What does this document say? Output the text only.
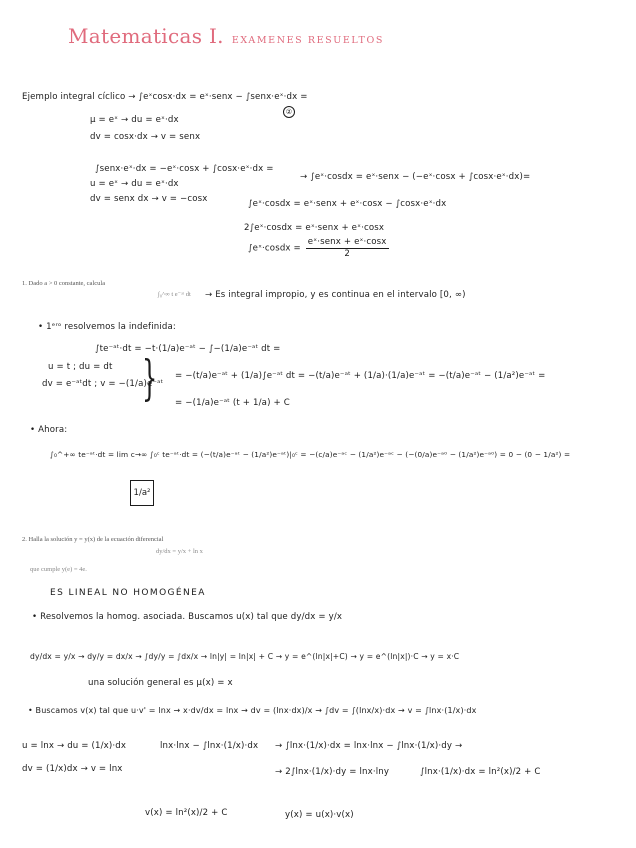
Matematicas I. EXAMENES RESUELTOS
Ejemplo integral cíclico → ∫eˣcosx·dx = eˣ·senx − ∫senx·eˣ·dx =
μ = eˣ → du = eˣ·dx
dv = cosx·dx → v = senx
②
∫senx·eˣ·dx = −eˣ·cosx + ∫cosx·eˣ·dx =
u = eˣ → du = eˣ·dx
dv = senx dx → v = −cosx
→ ∫eˣ·cosdx = eˣ·senx − (−eˣ·cosx + ∫cosx·eˣ·dx)=
∫eˣ·cosdx = eˣ·senx + eˣ·cosx − ∫cosx·eˣ·dx
2∫eˣ·cosdx = eˣ·senx + eˣ·cosx
∫eˣ·cosdx = $\frac{\text{eˣ·senx + eˣ·cosx}}{2}$
1. Dado a > 0 constante, calcula
∫₀^∞ t e⁻ᵃᵗ dt → Es integral impropio, y es continua en el intervalo [0, ∞)
• 1ᵉʳᵒ resolvemos la indefinida:
∫te⁻ᵃᵗ·dt = −t·(1/a)e⁻ᵃᵗ − ∫−(1/a)e⁻ᵃᵗ dt =
u = t ; du = dt
dv = e⁻ᵃᵗdt ; v = −(1/a)e⁻ᵃᵗ
} = −(t/a)e⁻ᵃᵗ + (1/a)∫e⁻ᵃᵗ dt = −(t/a)e⁻ᵃᵗ + (1/a)·(1/a)e⁻ᵃᵗ = −(t/a)e⁻ᵃᵗ − (1/a²)e⁻ᵃᵗ =
= −(1/a)e⁻ᵃᵗ (t + 1/a) + C
• Ahora:
∫₀^+∞ te⁻ᵃᵗ·dt = lim c→∞ ∫₀ᶜ te⁻ᵃᵗ·dt = (−(t/a)e⁻ᵃᵗ − (1/a²)e⁻ᵃᵗ)|₀ᶜ = −(c/a)e⁻ᵃᶜ − (1/a²)e⁻ᵃᶜ − (−(0/a)e⁻ᵃ⁰ − (1/a²)e⁻ᵃ⁰) = 0 − (0 − 1/a²) =
1/a²
2. Halla la solución y = y(x) de la ecuación diferencial
dy/dx = y/x + ln x
que cumple y(e) = 4e.
ES LINEAL NO HOMOGÉNEA
• Resolvemos la homog. asociada. Buscamos u(x) tal que dy/dx = y/x
dy/dx = y/x → dy/y = dx/x → ∫dy/y = ∫dx/x → ln|y| = ln|x| + C → y = e^(ln|x|+C) → y = e^(ln|x|)·C → y = x·C
una solución general es μ(x) = x
• Buscamos v(x) tal que u·v' = lnx → x·dv/dx = lnx → dv = (lnx·dx)/x → ∫dv = ∫(lnx/x)·dx → v = ∫lnx·(1/x)·dx
u = lnx → du = (1/x)·dx
dv = (1/x)dx → v = lnx
lnx·lnx − ∫lnx·(1/x)·dx → ∫lnx·(1/x)·dx = lnx·lnx − ∫lnx·(1/x)·dy →
→ 2∫lnx·(1/x)·dy = lnx·lny	∫lnx·(1/x)·dx = ln²(x)/2 + C
v(x) = ln²(x)/2 + C	y(x) = u(x)·v(x)
